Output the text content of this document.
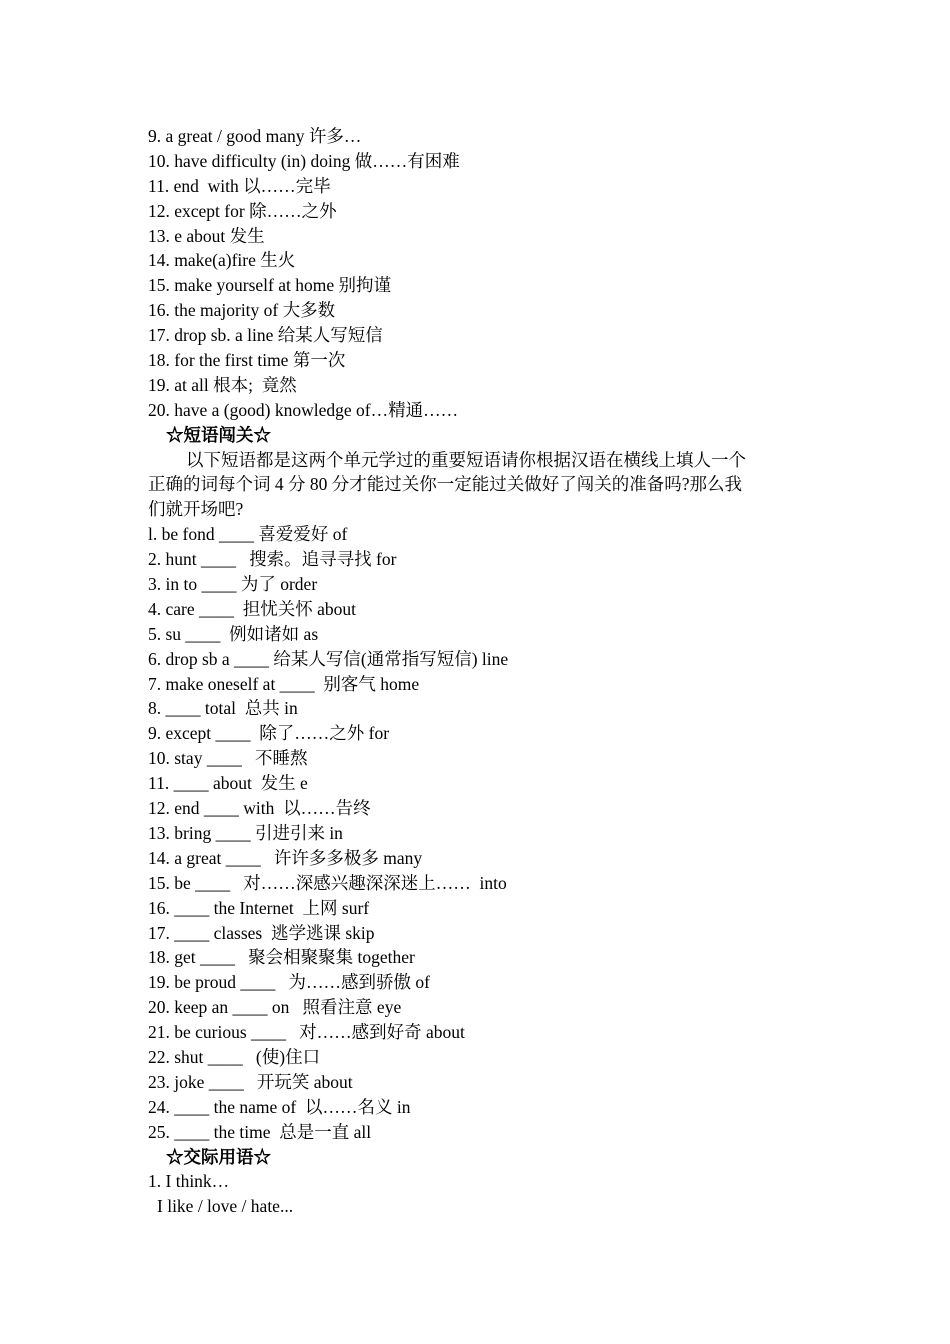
9. a great / good many 许多…
10. have difficulty (in) doing 做……有困难
11. end  with 以……完毕
12. except for 除……之外
13. e about 发生
14. make(a)fire 生火
15. make yourself at home 别拘谨
16. the majority of 大多数
17. drop sb. a line 给某人写短信
18. for the first time 第一次
19. at all 根本;  竟然
20. have a (good) knowledge of…精通……
☆短语闯关☆
以下短语都是这两个单元学过的重要短语请你根据汉语在横线上填人一个
正确的词每个词 4 分 80 分才能过关你一定能过关做好了闯关的准备吗?那么我
们就开场吧?
l. be fond ____ 喜爱爱好 of
2. hunt ____   搜索。追寻寻找 for
3. in to ____ 为了 order
4. care ____  担忧关怀 about
5. su ____  例如诸如 as
6. drop sb a ____ 给某人写信(通常指写短信) line
7. make oneself at ____  别客气 home
8. ____ total  总共 in
9. except ____  除了……之外 for
10. stay ____   不睡熬
11. ____ about  发生 e
12. end ____ with  以……告终
13. bring ____ 引进引来 in
14. a great ____   许许多多极多 many
15. be ____   对……深感兴趣深深迷上……  into
16. ____ the Internet  上网 surf
17. ____ classes  逃学逃课 skip
18. get ____   聚会相聚聚集 together
19. be proud ____   为……感到骄傲 of
20. keep an ____ on   照看注意 eye
21. be curious ____   对……感到好奇 about
22. shut ____   (使)住口
23. joke ____   开玩笑 about
24. ____ the name of  以……名义 in
25. ____ the time  总是一直 all
☆交际用语☆
1. I think…
I like / love / hate...
